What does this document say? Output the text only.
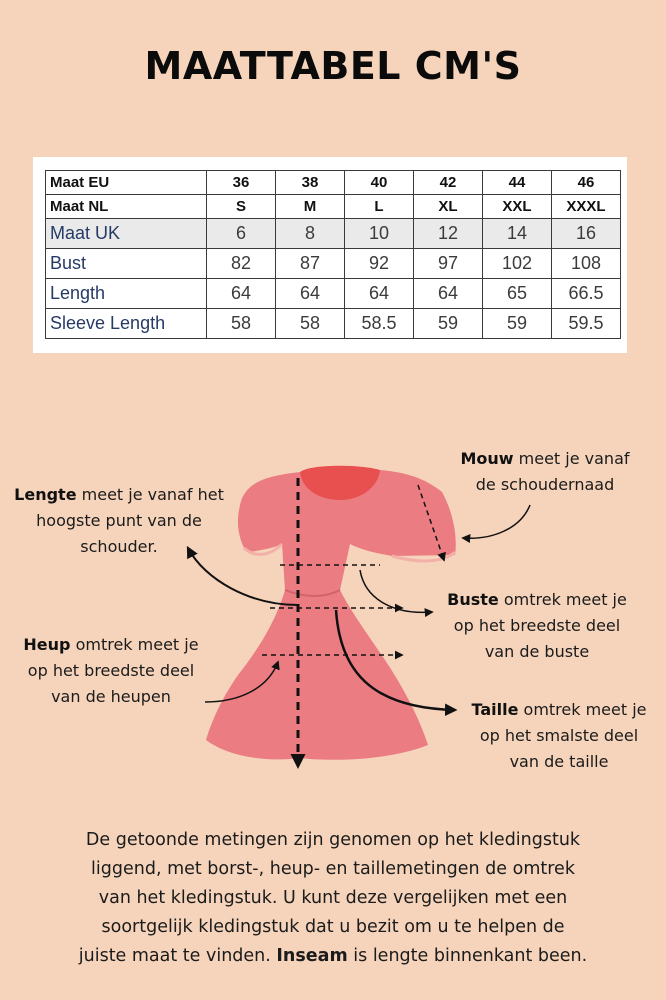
MAATTABEL CM'S
Maat EU	36	38	40	42	44	46
Maat NL	S	M	L	XL	XXL	XXXL
Maat UK	6	8	10	12	14	16
Bust	82	87	92	97	102	108
Length	64	64	64	64	65	66.5
Sleeve Length	58	58	58.5	59	59	59.5
Lengte meet je vanaf het
hoogste punt van de
schouder.
Mouw meet je vanaf
de schoudernaad
Buste omtrek meet je
op het breedste deel
van de buste
Heup omtrek meet je
op het breedste deel
van de heupen
Taille omtrek meet je
op het smalste deel
van de taille
De getoonde metingen zijn genomen op het kledingstuk
liggend, met borst-, heup- en taillemetingen de omtrek
van het kledingstuk. U kunt deze vergelijken met een
soortgelijk kledingstuk dat u bezit om u te helpen de
juiste maat te vinden. Inseam is lengte binnenkant been.
